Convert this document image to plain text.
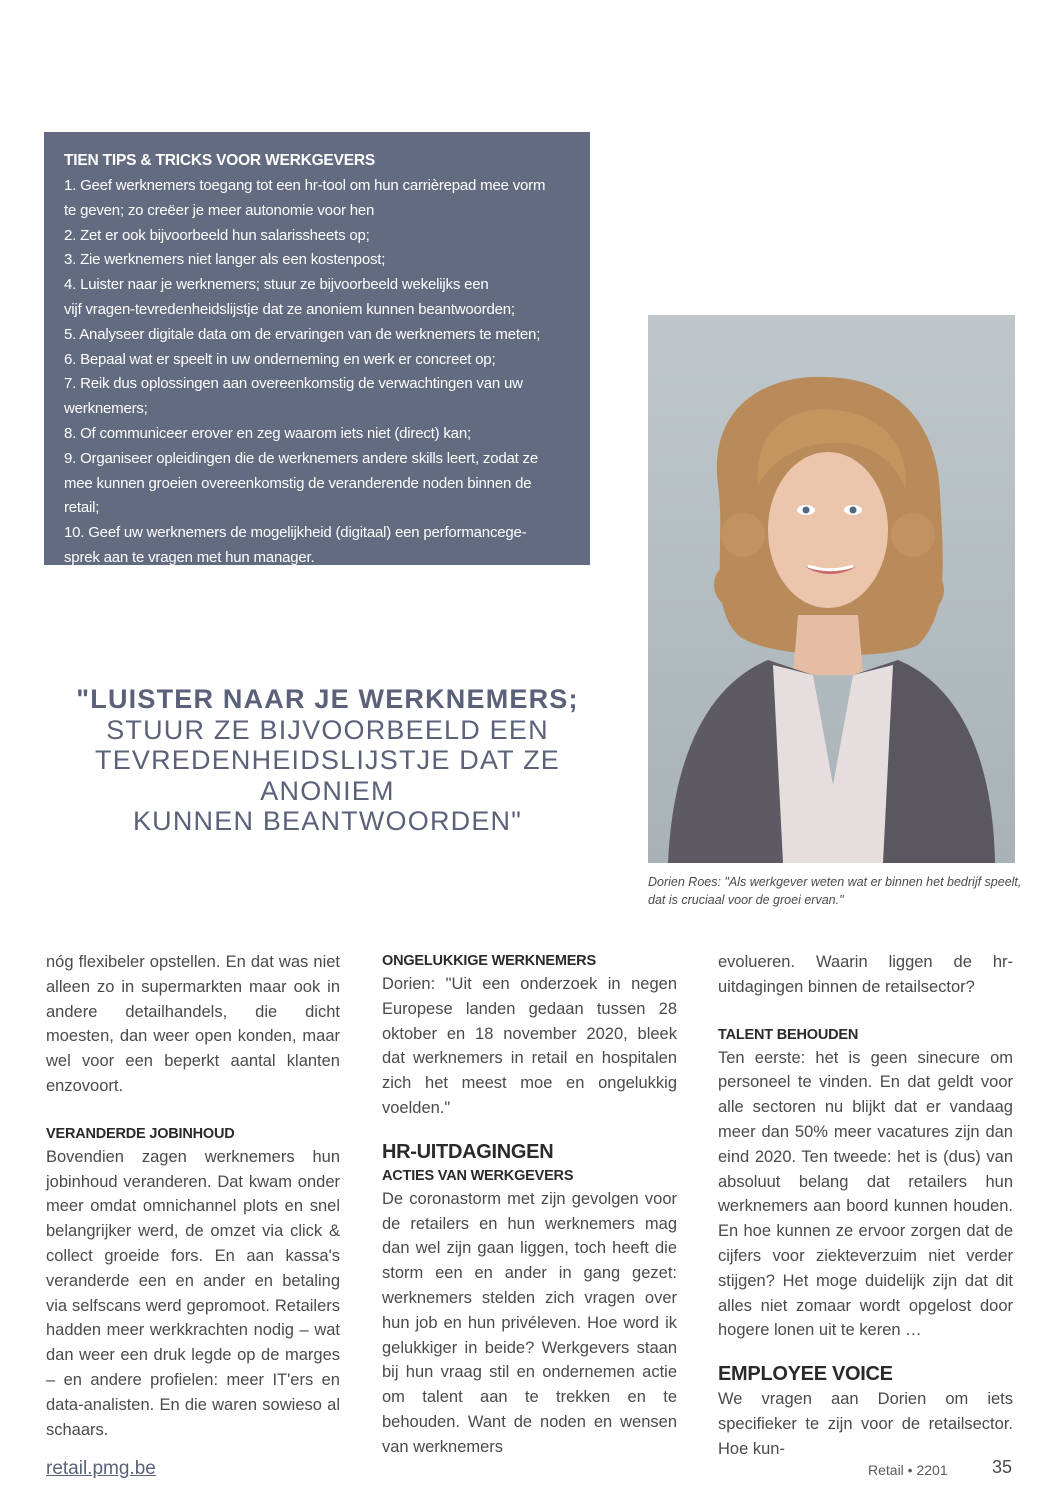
TIEN TIPS & TRICKS VOOR WERKGEVERS
1. Geef werknemers toegang tot een hr-tool om hun carrièrepad mee vorm
te geven; zo creëer je meer autonomie voor hen
2. Zet er ook bijvoorbeeld hun salarissheets op;
3. Zie werknemers niet langer als een kostenpost;
4. Luister naar je werknemers; stuur ze bijvoorbeeld wekelijks een
vijf vragen-tevredenheidslijstje dat ze anoniem kunnen beantwoorden;
5. Analyseer digitale data om de ervaringen van de werknemers te meten;
6. Bepaal wat er speelt in uw onderneming en werk er concreet op;
7. Reik dus oplossingen aan overeenkomstig de verwachtingen van uw
werknemers;
8. Of communiceer erover en zeg waarom iets niet (direct) kan;
9. Organiseer opleidingen die de werknemers andere skills leert, zodat ze
mee kunnen groeien overeenkomstig de veranderende noden binnen de retail;
10. Geef uw werknemers de mogelijkheid (digitaal) een performancege-
sprek aan te vragen met hun manager.
Dorien Roes: "Als werkgever weten wat er binnen het bedrijf speelt, dat is cruciaal voor de groei ervan."
"LUISTER NAAR JE WERKNEMERS;
STUUR ZE BIJVOORBEELD EEN
TEVREDENHEIDSLIJSTJE DAT ZE ANONIEM
KUNNEN BEANTWOORDEN"

nóg flexibeler opstellen. En dat was niet alleen zo in supermarkten maar ook in andere detailhandels, die dicht moesten, dan weer open konden, maar wel voor een beperkt aantal klanten enzovoort.

VERANDERDE JOBINHOUD

Bovendien zagen werknemers hun jobinhoud veranderen. Dat kwam onder meer omdat omnichannel plots en snel belangrijker werd, de omzet via click & collect groeide fors. En aan kassa's veranderde een en ander en betaling via selfscans werd gepromoot. Retailers hadden meer werkkrachten nodig – wat dan weer een druk legde op de marges – en andere profielen: meer IT'ers en data-analisten. En die waren sowieso al schaars.

ONGELUKKIGE WERKNEMERS

Dorien: "Uit een onderzoek in negen Europese landen gedaan tussen 28 oktober en 18 november 2020, bleek dat werknemers in retail en hospitalen zich het meest moe en ongelukkig voelden."

HR-UITDAGINGEN
ACTIES VAN WERKGEVERS

De coronastorm met zijn gevolgen voor de retailers en hun werknemers mag dan wel zijn gaan liggen, toch heeft die storm een en ander in gang gezet: werknemers stelden zich vragen over hun job en hun privéleven. Hoe word ik gelukkiger in beide? Werkgevers staan bij hun vraag stil en ondernemen actie om talent aan te trekken en te behouden. Want de noden en wensen van werknemers

evolueren. Waarin liggen de hr-uitdagingen binnen de retailsector?

TALENT BEHOUDEN

Ten eerste: het is geen sinecure om personeel te vinden. En dat geldt voor alle sectoren nu blijkt dat er vandaag meer dan 50% meer vacatures zijn dan eind 2020. Ten tweede: het is (dus) van absoluut belang dat retailers hun werknemers aan boord kunnen houden. En hoe kunnen ze ervoor zorgen dat de cijfers voor ziekteverzuim niet verder stijgen? Het moge duidelijk zijn dat dit alles niet zomaar wordt opgelost door hogere lonen uit te keren …

EMPLOYEE VOICE

We vragen aan Dorien om iets specifieker te zijn voor de retailsector. Hoe kun-

retail.pmg.be	Retail • 2201 35
